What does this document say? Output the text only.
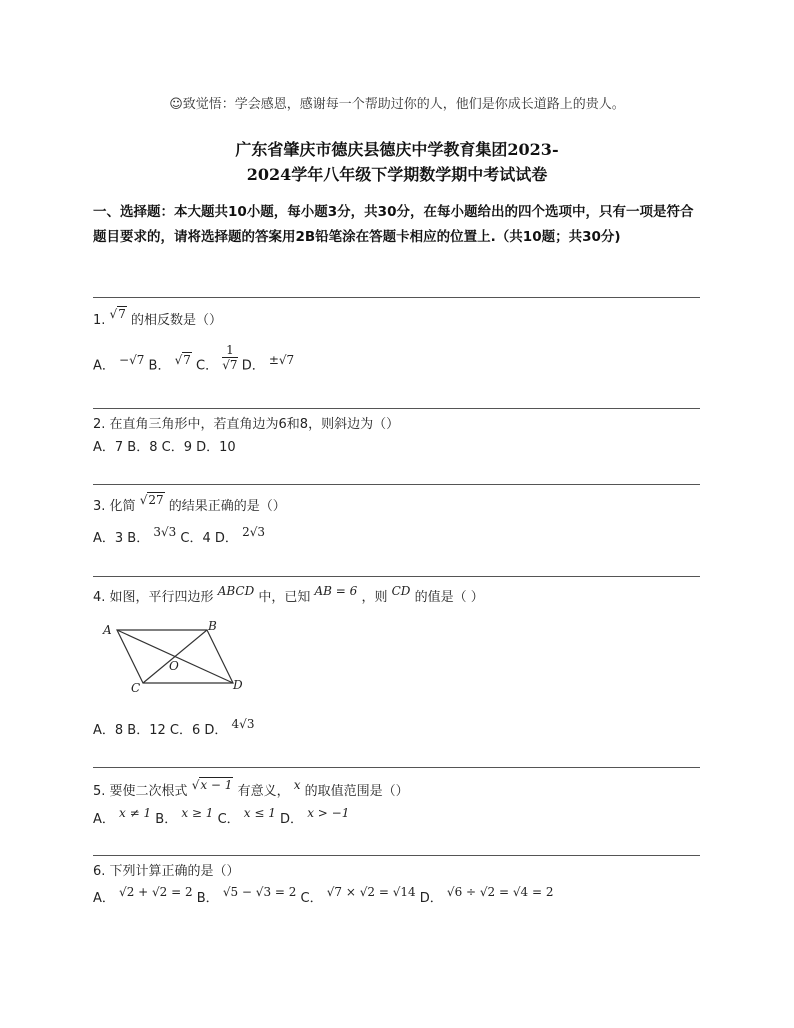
☺致觉悟：学会感恩，感谢每一个帮助过你的人，他们是你成长道路上的贵人。
广东省肇庆市德庆县德庆中学教育集团2023-
2024学年八年级下学期数学期中考试试卷
一、选择题：本大题共10小题，每小题3分，共30分，在每小题给出的四个选项中，只有一项是符合题目要求的，请将选择题的答案用2B铅笔涂在答题卡相应的位置上.（共10题；共30分)
1. √7 的相反数是（）
A． −√7 B． √7 C． $\frac{1}{√7}$ D． ±√7
2. 在直角三角形中，若直角边为6和8，则斜边为（）
A．7 B．8 C．9 D．10
3. 化简 √27 的结果正确的是（）
A．3 B． 3√3 C．4 D． 2√3
4. 如图，平行四边形 ABCD 中，已知 AB = 6 ，则 CD 的值是（ ）
A	B
C	D
O
A．8 B．12 C．6 D． 4√3
5. 要使二次根式 √x − 1 有意义， x 的取值范围是（）
A． x ≠ 1 B． x ≥ 1 C． x ≤ 1 D． x > −1
6. 下列计算正确的是（）
A． √2 + √2 = 2 B． √5 − √3 = 2 C． √7 × √2 = √14 D． √6 ÷ √2 = √4 = 2
